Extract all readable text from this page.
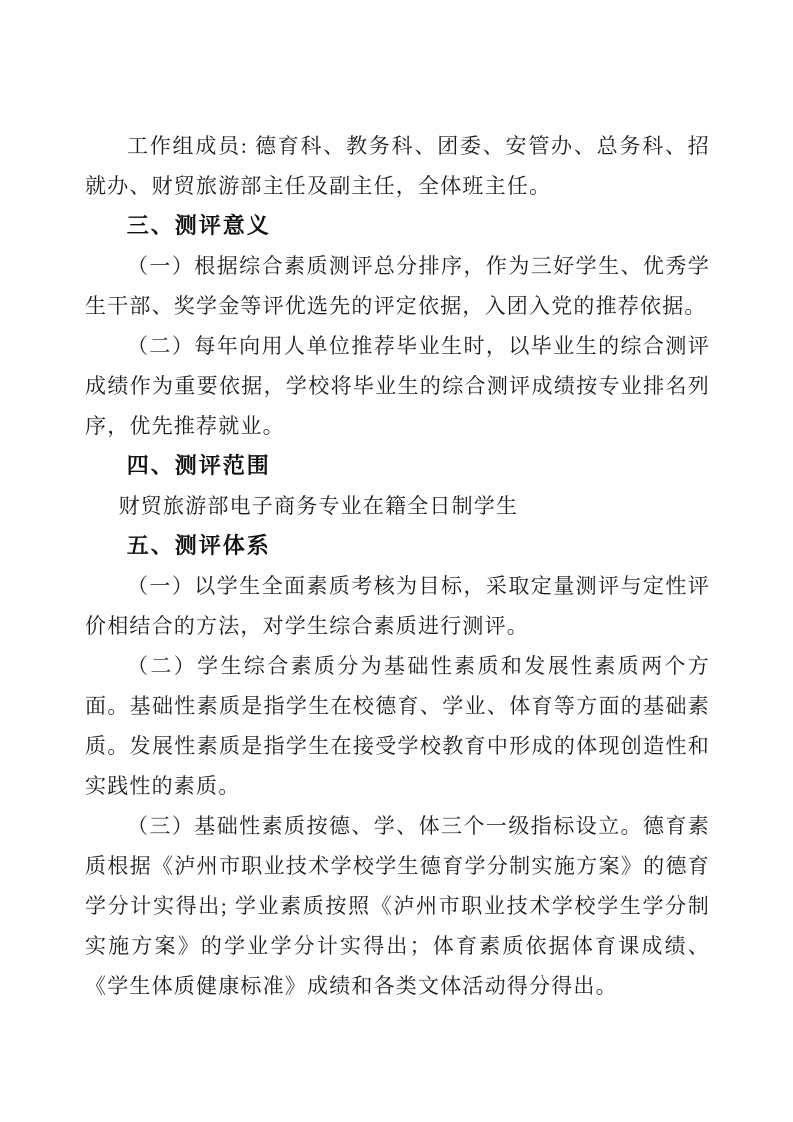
工作组成员: 德育科、教务科、团委、安管办、总务科、招就办、财贸旅游部主任及副主任，全体班主任。

三、测评意义

（一）根据综合素质测评总分排序，作为三好学生、优秀学生干部、奖学金等评优选先的评定依据，入团入党的推荐依据。

（二）每年向用人单位推荐毕业生时，以毕业生的综合测评成绩作为重要依据，学校将毕业生的综合测评成绩按专业排名列序，优先推荐就业。

四、测评范围

财贸旅游部电子商务专业在籍全日制学生

五、测评体系

（一）以学生全面素质考核为目标，采取定量测评与定性评价相结合的方法，对学生综合素质进行测评。

（二）学生综合素质分为基础性素质和发展性素质两个方面。基础性素质是指学生在校德育、学业、体育等方面的基础素质。发展性素质是指学生在接受学校教育中形成的体现创造性和实践性的素质。

（三）基础性素质按德、学、体三个一级指标设立。德育素质根据《泸州市职业技术学校学生德育学分制实施方案》的德育学分计实得出; 学业素质按照《泸州市职业技术学校学生学分制实施方案》的学业学分计实得出；体育素质依据体育课成绩、《学生体质健康标准》成绩和各类文体活动得分得出。
